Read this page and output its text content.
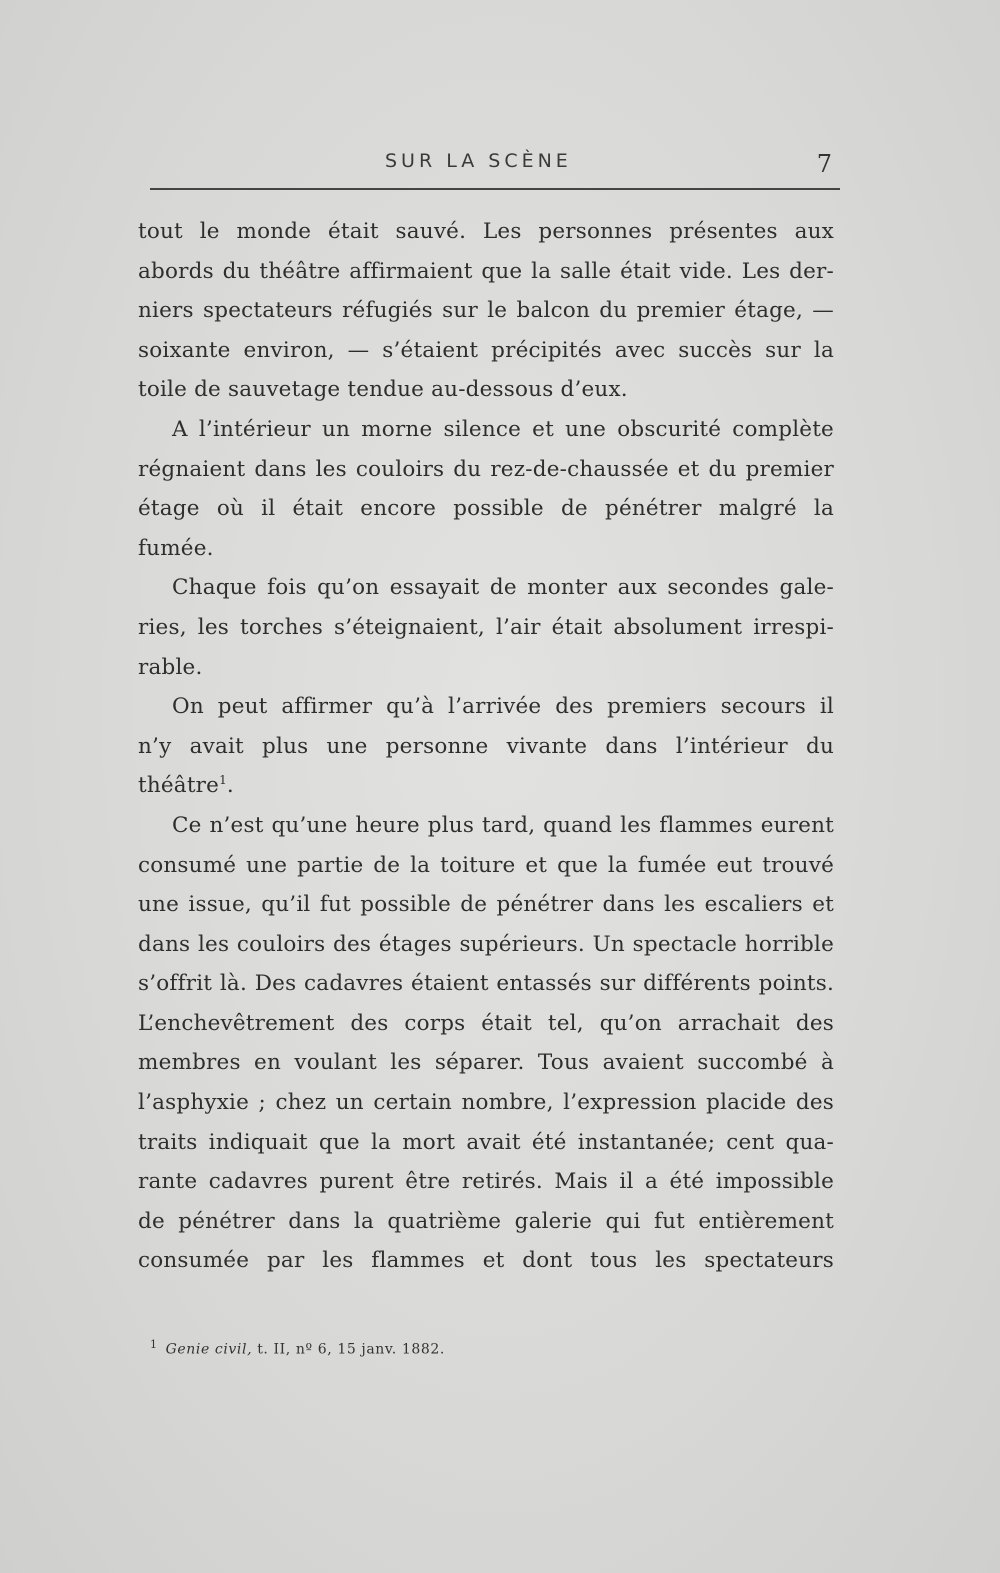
SUR LA SCÈNE	7
tout le monde était sauvé. Les personnes présentes aux
abords du théâtre affirmaient que la salle était vide. Les der-
niers spectateurs réfugiés sur le balcon du premier étage, —
soixante environ, — s’étaient précipités avec succès sur la
toile de sauvetage tendue au-dessous d’eux.
A l’intérieur un morne silence et une obscurité complète
régnaient dans les couloirs du rez-de-chaussée et du premier
étage où il était encore possible de pénétrer malgré la
fumée.
Chaque fois qu’on essayait de monter aux secondes gale-
ries, les torches s’éteignaient, l’air était absolument irrespi-
rable.
On peut affirmer qu’à l’arrivée des premiers secours il
n’y avait plus une personne vivante dans l’intérieur du
théâtre$^1$.
Ce n’est qu’une heure plus tard, quand les flammes eurent
consumé une partie de la toiture et que la fumée eut trouvé
une issue, qu’il fut possible de pénétrer dans les escaliers et
dans les couloirs des étages supérieurs. Un spectacle horrible
s’offrit là. Des cadavres étaient entassés sur différents points.
L’enchevêtrement des corps était tel, qu’on arrachait des
membres en voulant les séparer. Tous avaient succombé à
l’asphyxie ; chez un certain nombre, l’expression placide des
traits indiquait que la mort avait été instantanée; cent qua-
rante cadavres purent être retirés. Mais il a été impossible
de pénétrer dans la quatrième galerie qui fut entièrement
consumée par les flammes et dont tous les spectateurs
$^1$ Genie civil, t. II, nº 6, 15 janv. 1882.
